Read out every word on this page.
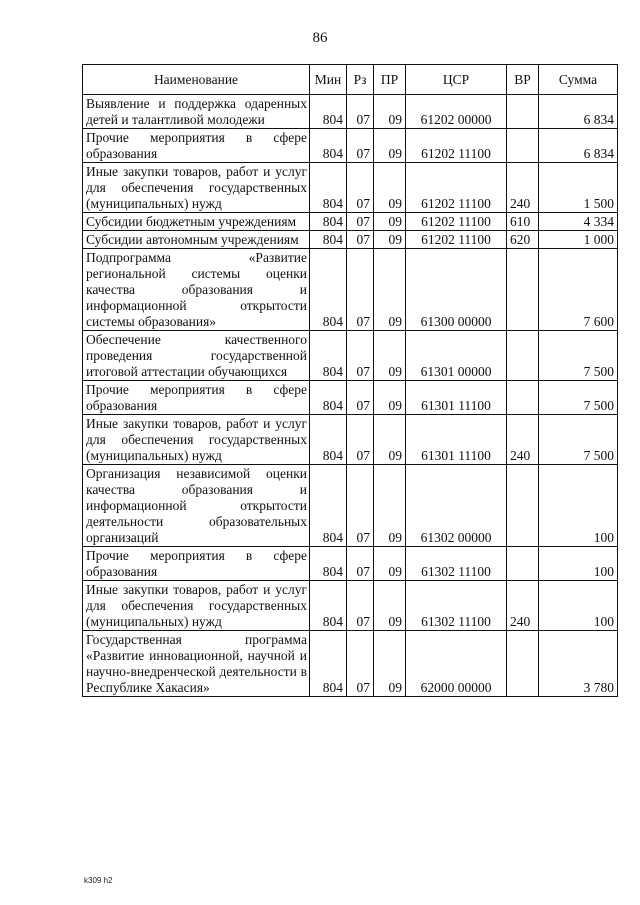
86
Наименование	Мин	Рз	ПР	ЦСР	ВР	Сумма
Выявление и поддержка одаренных детей и талантливой молодежи	804	07	09	61202 00000		6 834
Прочие мероприятия в сфере образования	804	07	09	61202 11100		6 834
Иные закупки товаров, работ и услуг для обеспечения государственных (муниципальных) нужд	804	07	09	61202 11100	240	1 500
Субсидии бюджетным учреждениям	804	07	09	61202 11100	610	4 334
Субсидии автономным учреждениям	804	07	09	61202 11100	620	1 000
Подпрограмма «Развитие региональной системы оценки качества образования и информационной открытости системы образования»	804	07	09	61300 00000		7 600
Обеспечение качественного проведения государственной итоговой аттестации обучающихся	804	07	09	61301 00000		7 500
Прочие мероприятия в сфере образования	804	07	09	61301 11100		7 500
Иные закупки товаров, работ и услуг для обеспечения государственных (муниципальных) нужд	804	07	09	61301 11100	240	7 500
Организация независимой оценки качества образования и информационной открытости деятельности образовательных организаций	804	07	09	61302 00000		100
Прочие мероприятия в сфере образования	804	07	09	61302 11100		100
Иные закупки товаров, работ и услуг для обеспечения государственных (муниципальных) нужд	804	07	09	61302 11100	240	100
Государственная программа «Развитие инновационной, научной и научно-внедренческой деятельности в Республике Хакасия»	804	07	09	62000 00000		3 780
k309 h2
